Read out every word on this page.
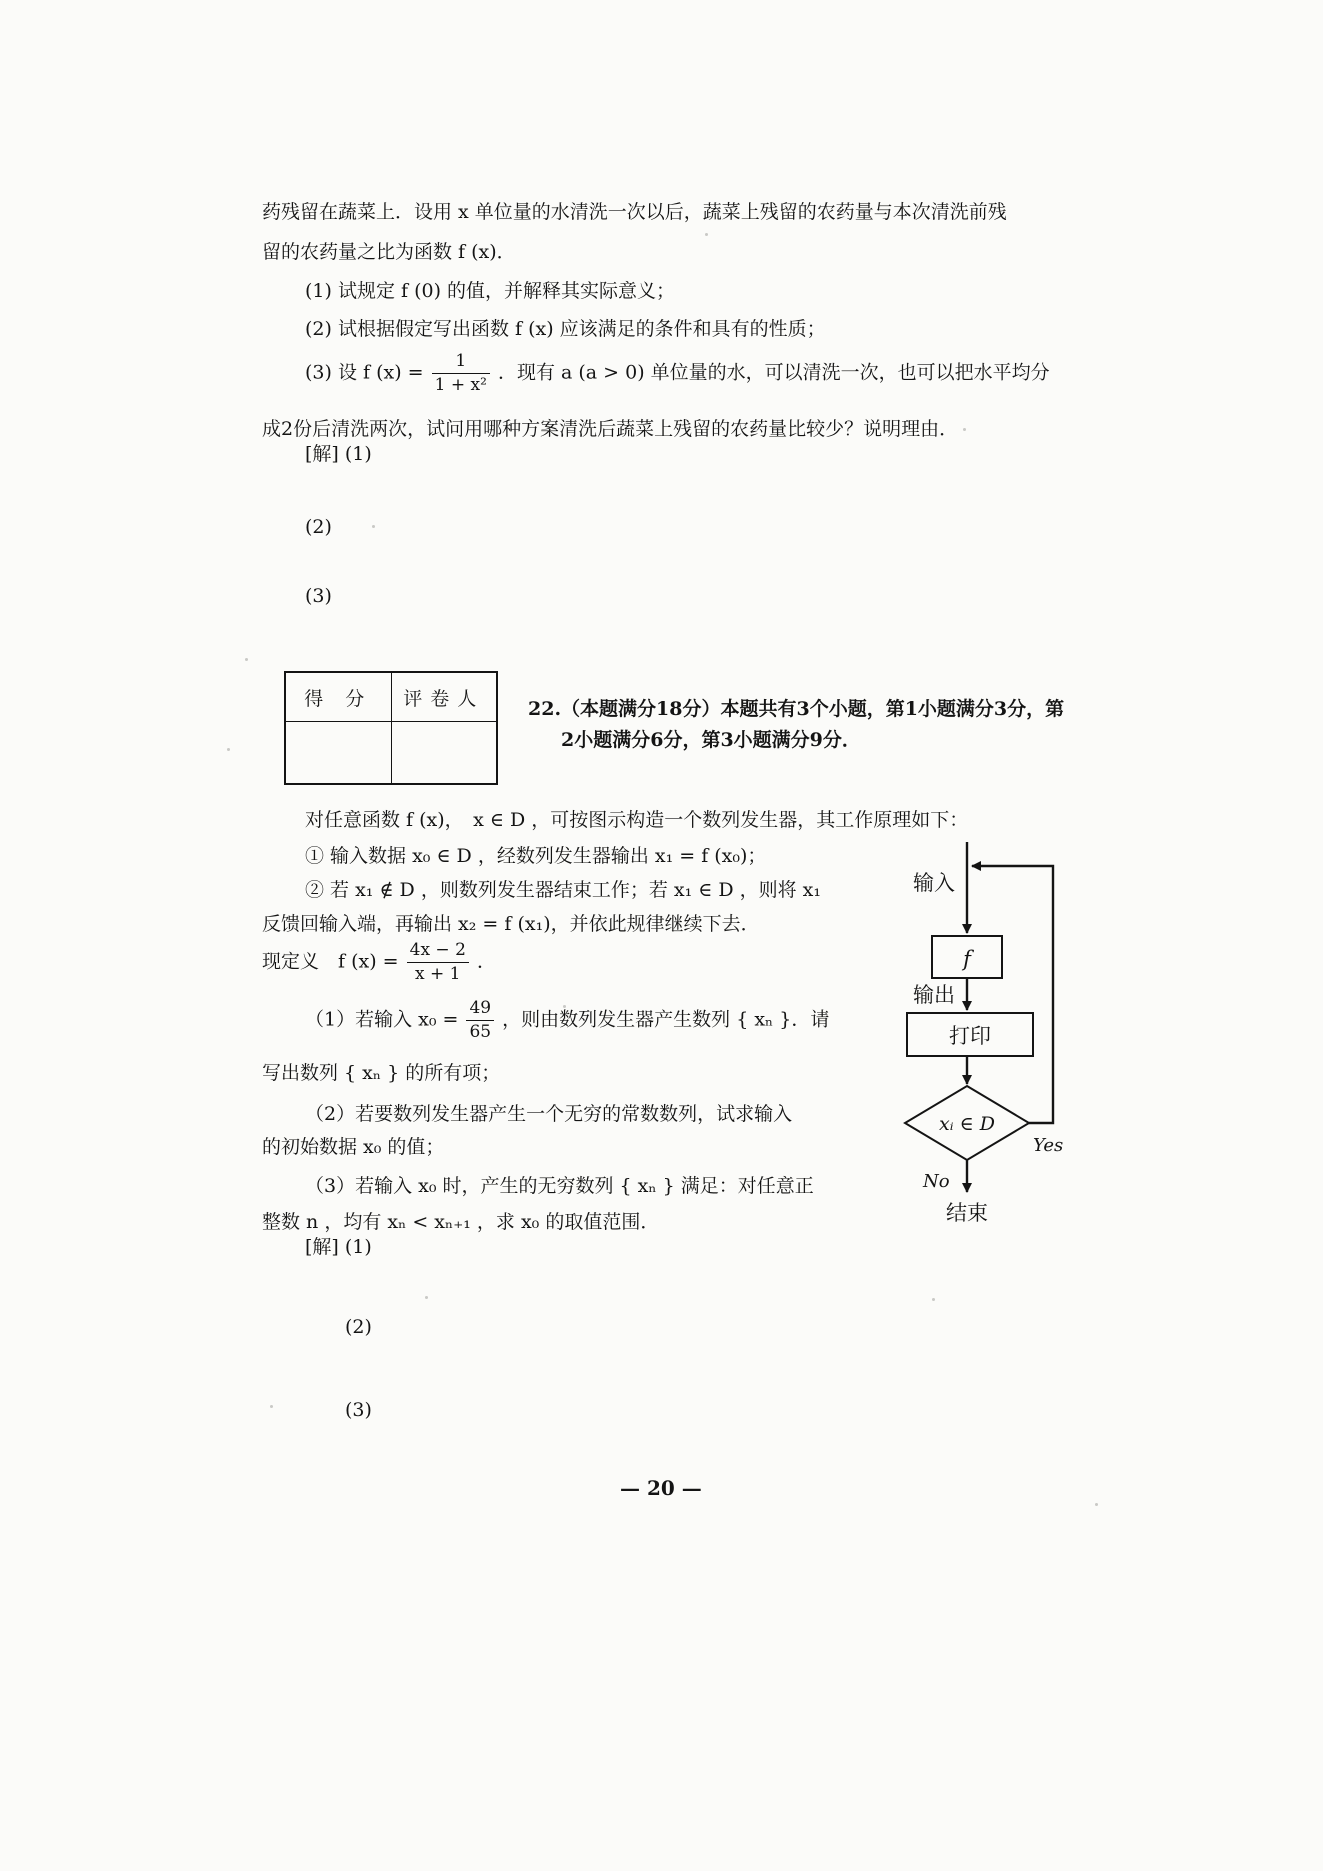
药残留在蔬菜上．设用 x 单位量的水清洗一次以后，蔬菜上残留的农药量与本次清洗前残
留的农药量之比为函数 f (x)．
(1) 试规定 f (0) 的值，并解释其实际意义；
(2) 试根据假定写出函数 f (x) 应该满足的条件和具有的性质；
(3) 设 f $(x) = \frac{1}{\text{1 + x²}}$ ．现有 a (a > 0) 单位量的水，可以清洗一次，也可以把水平均分
成2份后清洗两次，试问用哪种方案清洗后蔬菜上残留的农药量比较少？说明理由．
[解] (1)
(2)
(3)
得 分	评卷人
	22.（本题满分18分）本题共有3个小题，第1小题满分3分，第
2小题满分6分，第3小题满分9分．
对任意函数 f (x)，　x ∈ D ，可按图示构造一个数列发生器，其工作原理如下：
① 输入数据 x₀ ∈ D ，经数列发生器输出 x₁ = f (x₀)；
② 若 x₁ ∉ D ，则数列发生器结束工作；若 x₁ ∈ D ，则将 x₁
反馈回输入端，再输出 x₂ = f (x₁)，并依此规律继续下去．
现定义　f $(x) = \frac{4x - 2}{x + 1}$ ．
（1）若输入 $x_0 = \frac{49}{65}$ ，则由数列发生器产生数列 { xₙ }．请
写出数列 { xₙ } 的所有项；
（2）若要数列发生器产生一个无穷的常数数列，试求输入
的初始数据 x₀ 的值；
（3）若输入 x₀ 时，产生的无穷数列 { xₙ } 满足：对任意正
整数 n ，均有 xₙ < xₙ₊₁ ，求 x₀ 的取值范围．
[解] (1)
(2)
(3)
输入
f
输出
打印
xᵢ ∈ D
Yes
No
结束
— 20 —
